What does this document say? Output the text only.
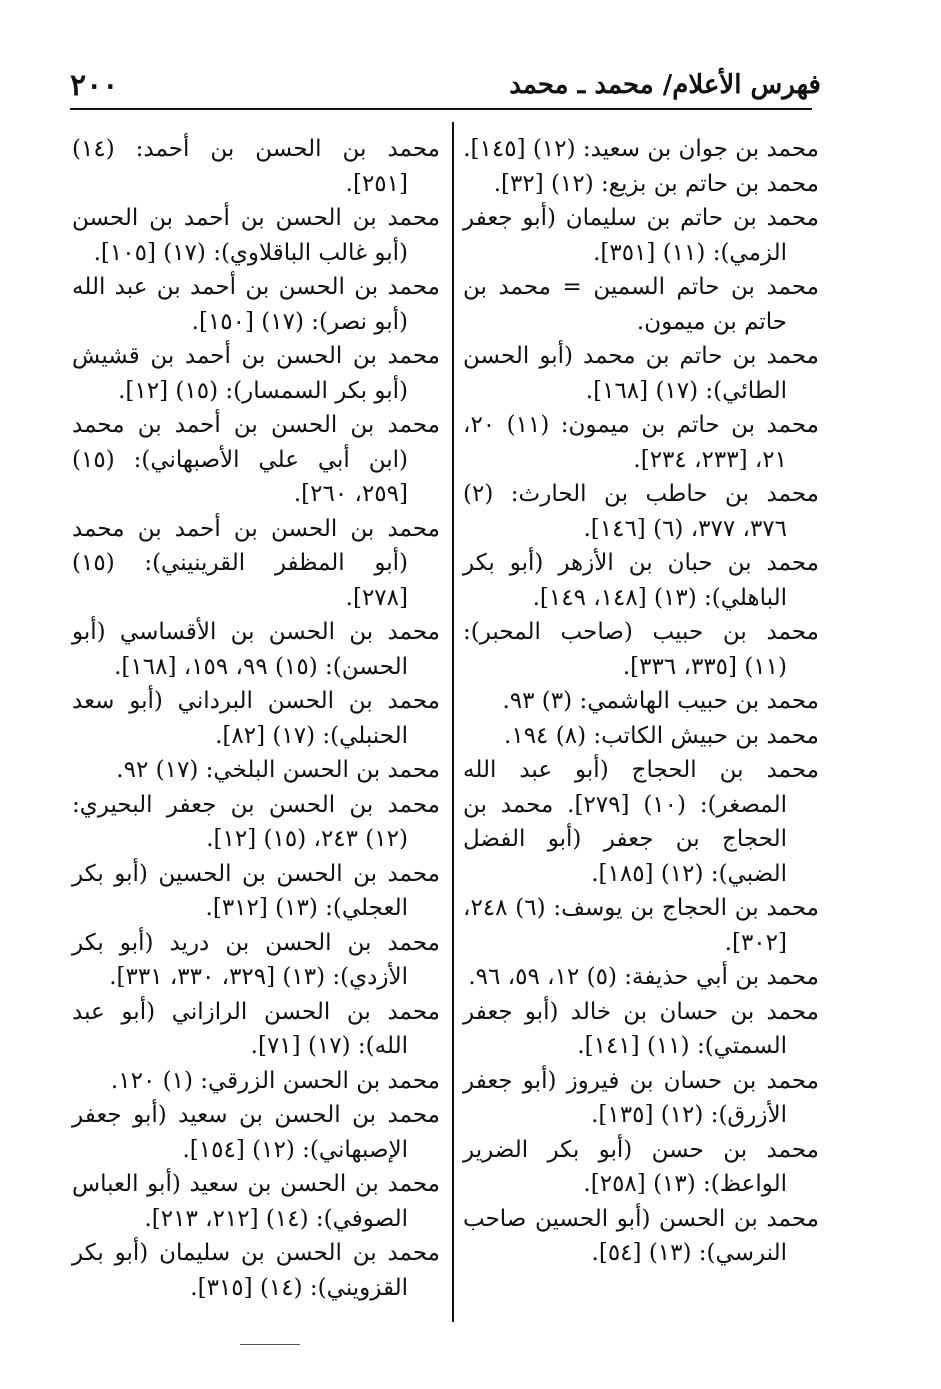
فهرس الأعلام/ محمد ـ محمد
٢٠٠

محمد بن جوان بن سعيد: (١٢) [١٤٥].

محمد بن حاتم بن بزيع: (١٢) [٣٢].

محمد بن حاتم بن سليمان (أبو جعفر الزمي): (١١) [٣٥١].

محمد بن حاتم السمين = محمد بن حاتم بن ميمون.

محمد بن حاتم بن محمد (أبو الحسن الطائي): (١٧) [١٦٨].

محمد بن حاتم بن ميمون: (١١) ٢٠، ٢١، [٢٣٣، ٢٣٤].

محمد بن حاطب بن الحارث: (٢) ٣٧٦، ٣٧٧، (٦) [١٤٦].

محمد بن حبان بن الأزهر (أبو بكر الباهلي): (١٣) [١٤٨، ١٤٩].

محمد بن حبيب (صاحب المحبر): (١١) [٣٣٥، ٣٣٦].

محمد بن حبيب الهاشمي: (٣) ٩٣.

محمد بن حبيش الكاتب: (٨) ١٩٤.

محمد بن الحجاج (أبو عبد الله المصغر): (١٠) [٢٧٩]. محمد بن الحجاج بن جعفر (أبو الفضل الضبي): (١٢) [١٨٥].

محمد بن الحجاج بن يوسف: (٦) ٢٤٨، [٣٠٢].

محمد بن أبي حذيفة: (٥) ١٢، ٥٩، ٩٦.

محمد بن حسان بن خالد (أبو جعفر السمتي): (١١) [١٤١].

محمد بن حسان بن فيروز (أبو جعفر الأزرق): (١٢) [١٣٥].

محمد بن حسن (أبو بكر الضرير الواعظ): (١٣) [٢٥٨].

محمد بن الحسن (أبو الحسين صاحب النرسي): (١٣) [٥٤].

محمد بن الحسن بن أحمد: (١٤) [٢٥١].

محمد بن الحسن بن أحمد بن الحسن (أبو غالب الباقلاوي): (١٧) [١٠٥].

محمد بن الحسن بن أحمد بن عبد الله (أبو نصر): (١٧) [١٥٠].

محمد بن الحسن بن أحمد بن قشيش (أبو بكر السمسار): (١٥) [١٢].

محمد بن الحسن بن أحمد بن محمد (ابن أبي علي الأصبهاني): (١٥) [٢٥٩، ٢٦٠].

محمد بن الحسن بن أحمد بن محمد (أبو المظفر القرينيني): (١٥) [٢٧٨].

محمد بن الحسن بن الأقساسي (أبو الحسن): (١٥) ٩٩، ١٥٩، [١٦٨].

محمد بن الحسن البرداني (أبو سعد الحنبلي): (١٧) [٨٢].

محمد بن الحسن البلخي: (١٧) ٩٢.

محمد بن الحسن بن جعفر البحيري: (١٢) ٢٤٣، (١٥) [١٢].

محمد بن الحسن بن الحسين (أبو بكر العجلي): (١٣) [٣١٢].

محمد بن الحسن بن دريد (أبو بكر الأزدي): (١٣) [٣٢٩، ٣٣٠، ٣٣١].

محمد بن الحسن الرازاني (أبو عبد الله): (١٧) [٧١].

محمد بن الحسن الزرقي: (١) ١٢٠.

محمد بن الحسن بن سعيد (أبو جعفر الإصبهاني): (١٢) [١٥٤].

محمد بن الحسن بن سعيد (أبو العباس الصوفي): (١٤) [٢١٢، ٢١٣].

محمد بن الحسن بن سليمان (أبو بكر القزويني): (١٤) [٣١٥].
